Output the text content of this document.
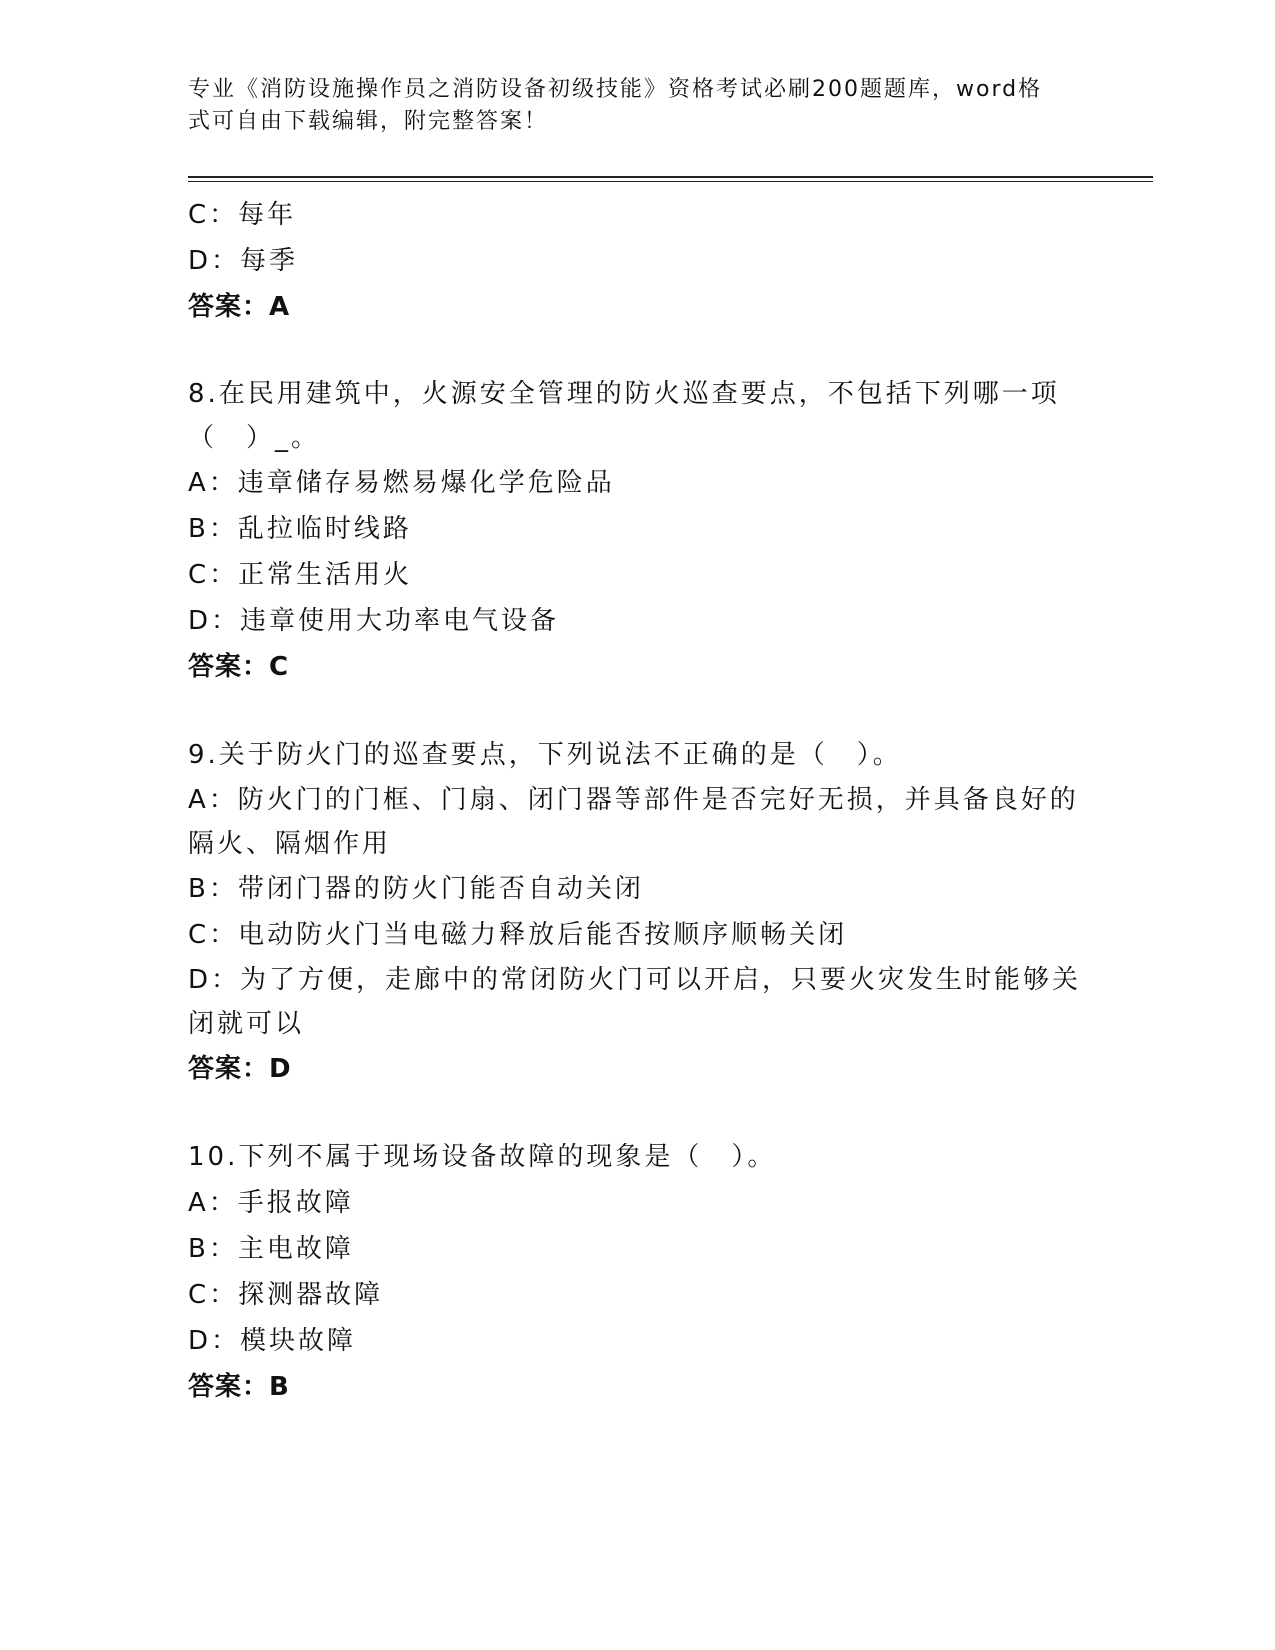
专业《消防设施操作员之消防设备初级技能》资格考试必刷200题题库，word格
式可自由下载编辑，附完整答案！
C：每年
D：每季
答案：A
8.在民用建筑中，火源安全管理的防火巡查要点，不包括下列哪一项（　）_。
A：违章储存易燃易爆化学危险品
B：乱拉临时线路
C：正常生活用火
D：违章使用大功率电气设备
答案：C
9.关于防火门的巡查要点，下列说法不正确的是（　）。
A：防火门的门框、门扇、闭门器等部件是否完好无损，并具备良好的隔火、隔烟作用
B：带闭门器的防火门能否自动关闭
C：电动防火门当电磁力释放后能否按顺序顺畅关闭
D：为了方便，走廊中的常闭防火门可以开启，只要火灾发生时能够关闭就可以
答案：D
10.下列不属于现场设备故障的现象是（　）。
A：手报故障
B：主电故障
C：探测器故障
D：模块故障
答案：B
